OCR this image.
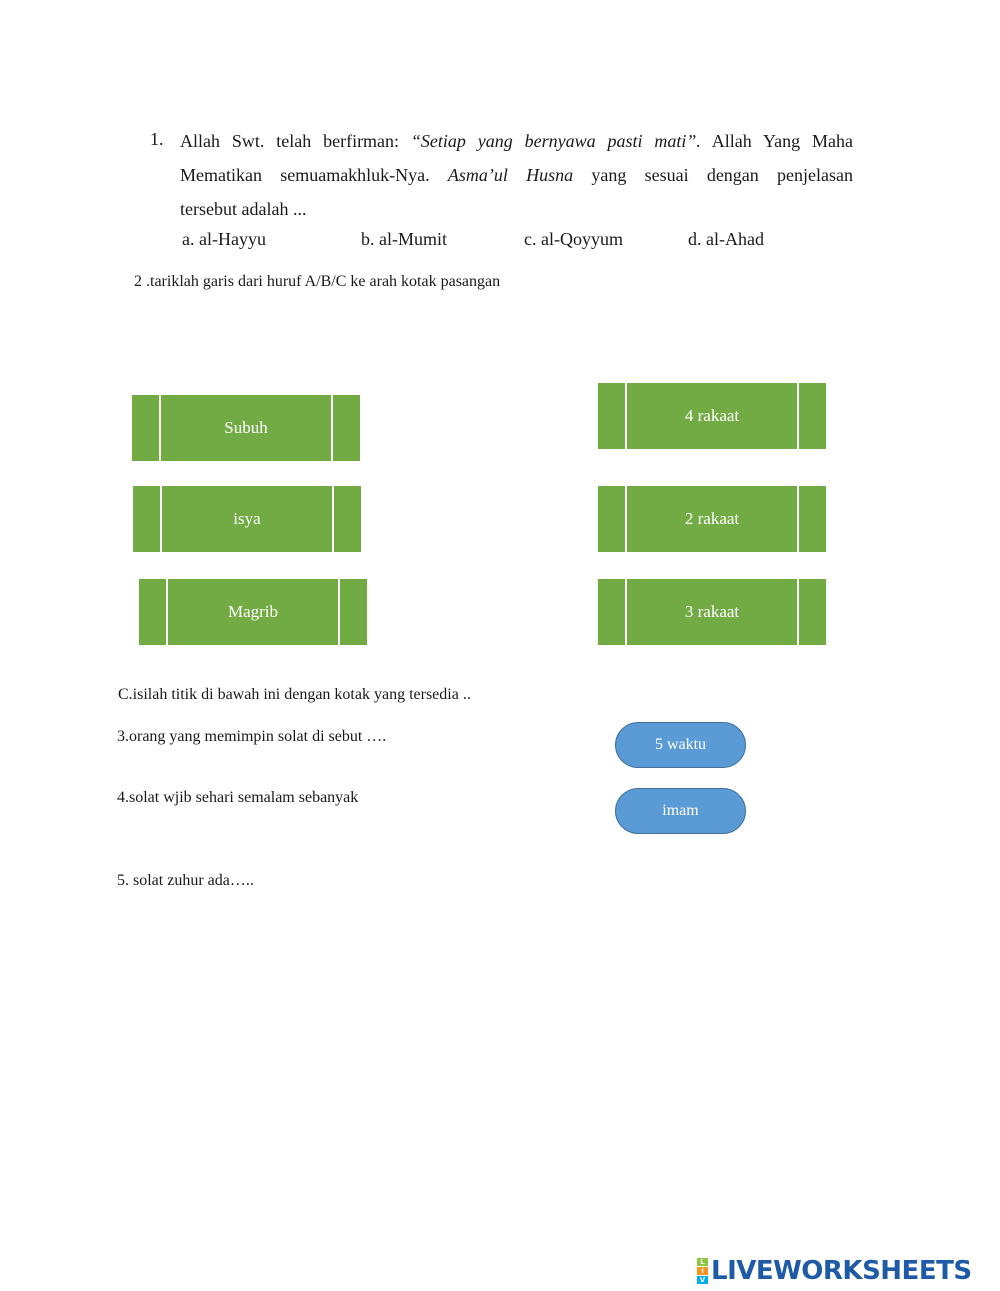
1. Allah Swt. telah berfirman: “Setiap yang bernyawa pasti mati”. Allah Yang Maha
Mematikan semuamakhluk-Nya. Asma’ul Husna yang sesuai dengan penjelasan
tersebut adalah ...
a. al-Hayyu	b. al-Mumit	c. al-Qoyyum	d. al-Ahad
2 .tariklah garis dari huruf A/B/C ke arah kotak pasangan
Subuh
isya
Magrib
4 rakaat
2 rakaat
3 rakaat
C.isilah titik di bawah ini dengan kotak yang tersedia ..
3.orang yang memimpin solat di sebut ….
4.solat wjib sehari semalam sebanyak
5. solat zuhur ada…..
5 waktu
imam
L
I
V LIVEWORKSHEETS
